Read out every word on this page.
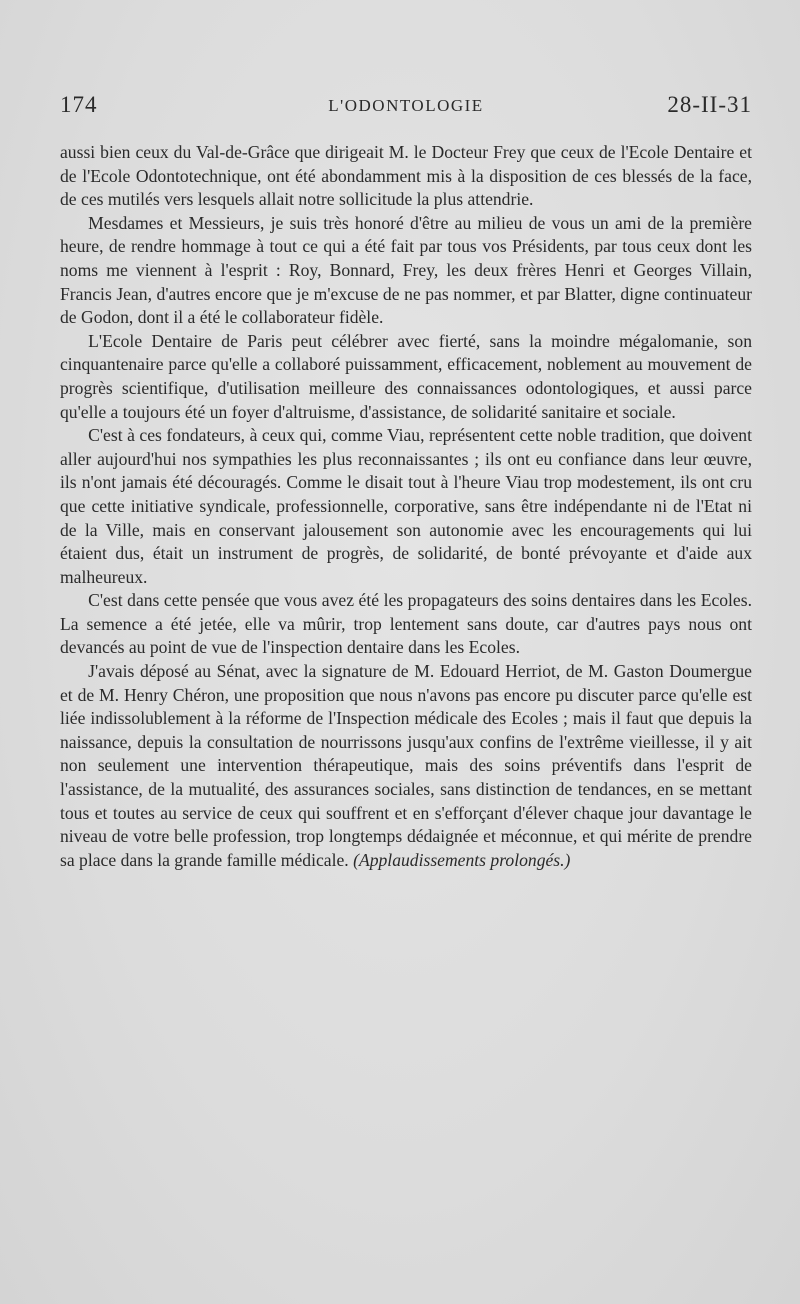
174	L'ODONTOLOGIE	28-II-31

aussi bien ceux du Val-de-Grâce que dirigeait M. le Docteur Frey que ceux de l'Ecole Dentaire et de l'Ecole Odontotechnique, ont été abondamment mis à la disposition de ces blessés de la face, de ces mutilés vers lesquels allait notre sollicitude la plus attendrie.

Mesdames et Messieurs, je suis très honoré d'être au milieu de vous un ami de la première heure, de rendre hommage à tout ce qui a été fait par tous vos Présidents, par tous ceux dont les noms me viennent à l'esprit : Roy, Bonnard, Frey, les deux frères Henri et Georges Villain, Francis Jean, d'autres encore que je m'excuse de ne pas nommer, et par Blatter, digne continuateur de Godon, dont il a été le collaborateur fidèle.

L'Ecole Dentaire de Paris peut célébrer avec fierté, sans la moindre mégalomanie, son cinquantenaire parce qu'elle a collaboré puissamment, efficacement, noblement au mouvement de progrès scientifique, d'utilisation meilleure des connaissances odontologiques, et aussi parce qu'elle a toujours été un foyer d'altruisme, d'assistance, de solidarité sanitaire et sociale.

C'est à ces fondateurs, à ceux qui, comme Viau, représentent cette noble tradition, que doivent aller aujourd'hui nos sympathies les plus reconnaissantes ; ils ont eu confiance dans leur œuvre, ils n'ont jamais été découragés. Comme le disait tout à l'heure Viau trop modestement, ils ont cru que cette initiative syndicale, professionnelle, corporative, sans être indépendante ni de l'Etat ni de la Ville, mais en conservant jalousement son autonomie avec les encouragements qui lui étaient dus, était un instrument de progrès, de solidarité, de bonté prévoyante et d'aide aux malheureux.

C'est dans cette pensée que vous avez été les propagateurs des soins dentaires dans les Ecoles. La semence a été jetée, elle va mûrir, trop lentement sans doute, car d'autres pays nous ont devancés au point de vue de l'inspection dentaire dans les Ecoles.

J'avais déposé au Sénat, avec la signature de M. Edouard Herriot, de M. Gaston Doumergue et de M. Henry Chéron, une proposition que nous n'avons pas encore pu discuter parce qu'elle est liée indissolublement à la réforme de l'Inspection médicale des Ecoles ; mais il faut que depuis la naissance, depuis la consultation de nourrissons jusqu'aux confins de l'extrême vieillesse, il y ait non seulement une intervention thérapeutique, mais des soins préventifs dans l'esprit de l'assistance, de la mutualité, des assurances sociales, sans distinction de tendances, en se mettant tous et toutes au service de ceux qui souffrent et en s'efforçant d'élever chaque jour davantage le niveau de votre belle profession, trop longtemps dédaignée et méconnue, et qui mérite de prendre sa place dans la grande famille médicale. (Applaudissements prolongés.)
